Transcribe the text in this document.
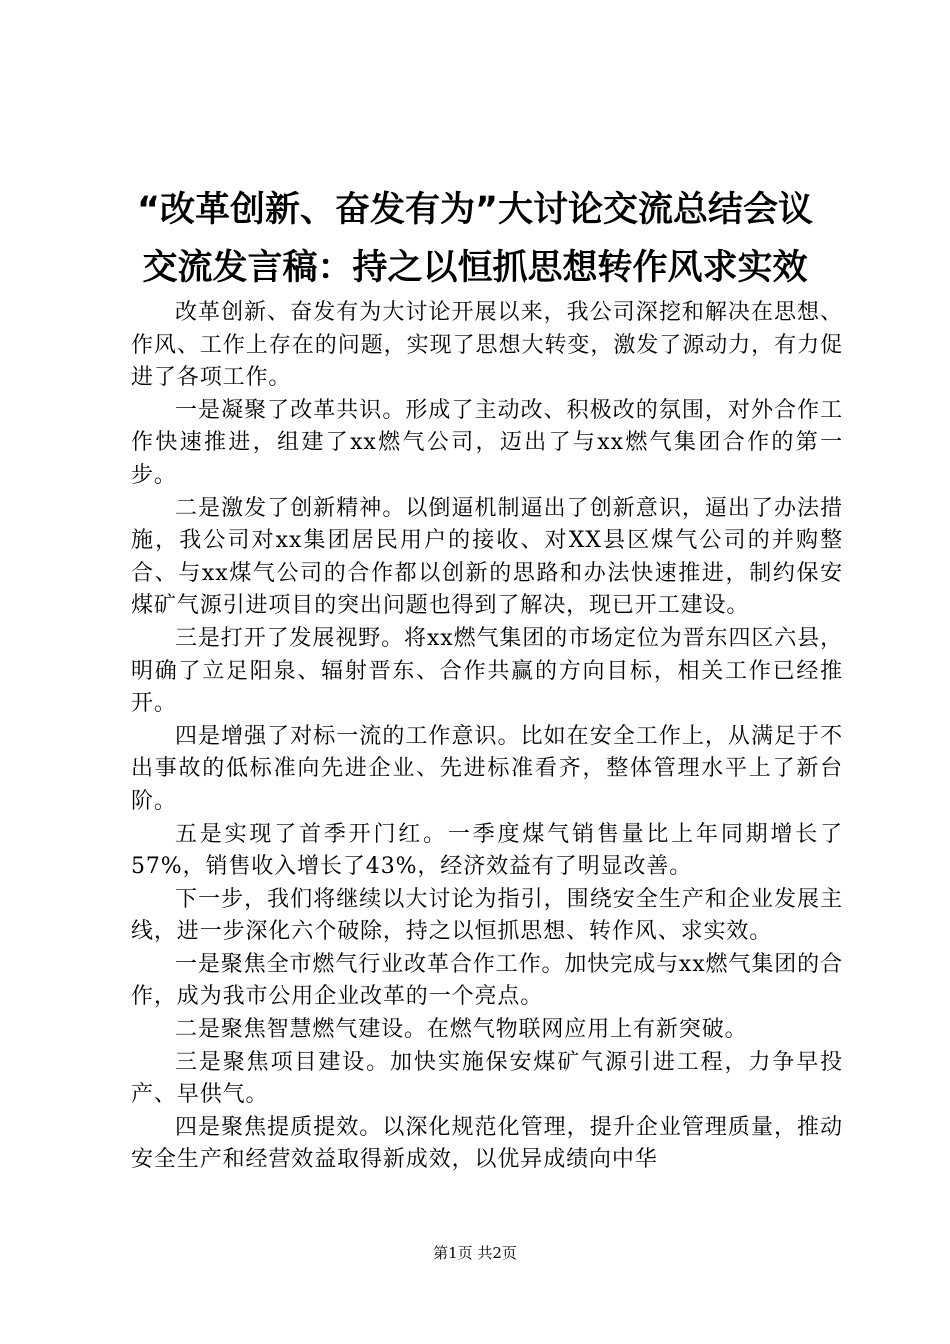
“改革创新、奋发有为”大讨论交流总结会议
交流发言稿：持之以恒抓思想转作风求实效

改革创新、奋发有为大讨论开展以来，我公司深挖和解决在思想、作风、工作上存在的问题，实现了思想大转变，激发了源动力，有力促进了各项工作。

一是凝聚了改革共识。形成了主动改、积极改的氛围，对外合作工作快速推进，组建了xx燃气公司，迈出了与xx燃气集团合作的第一步。

二是激发了创新精神。以倒逼机制逼出了创新意识，逼出了办法措施，我公司对xx集团居民用户的接收、对XX县区煤气公司的并购整合、与xx煤气公司的合作都以创新的思路和办法快速推进，制约保安煤矿气源引进项目的突出问题也得到了解决，现已开工建设。

三是打开了发展视野。将xx燃气集团的市场定位为晋东四区六县，明确了立足阳泉、辐射晋东、合作共赢的方向目标，相关工作已经推开。

四是增强了对标一流的工作意识。比如在安全工作上，从满足于不出事故的低标准向先进企业、先进标准看齐，整体管理水平上了新台阶。

五是实现了首季开门红。一季度煤气销售量比上年同期增长了57%，销售收入增长了43%，经济效益有了明显改善。

下一步，我们将继续以大讨论为指引，围绕安全生产和企业发展主线，进一步深化六个破除，持之以恒抓思想、转作风、求实效。

一是聚焦全市燃气行业改革合作工作。加快完成与xx燃气集团的合作，成为我市公用企业改革的一个亮点。

二是聚焦智慧燃气建设。在燃气物联网应用上有新突破。

三是聚焦项目建设。加快实施保安煤矿气源引进工程，力争早投产、早供气。

四是聚焦提质提效。以深化规范化管理，提升企业管理质量，推动安全生产和经营效益取得新成效，以优异成绩向中华

第1页 共2页
